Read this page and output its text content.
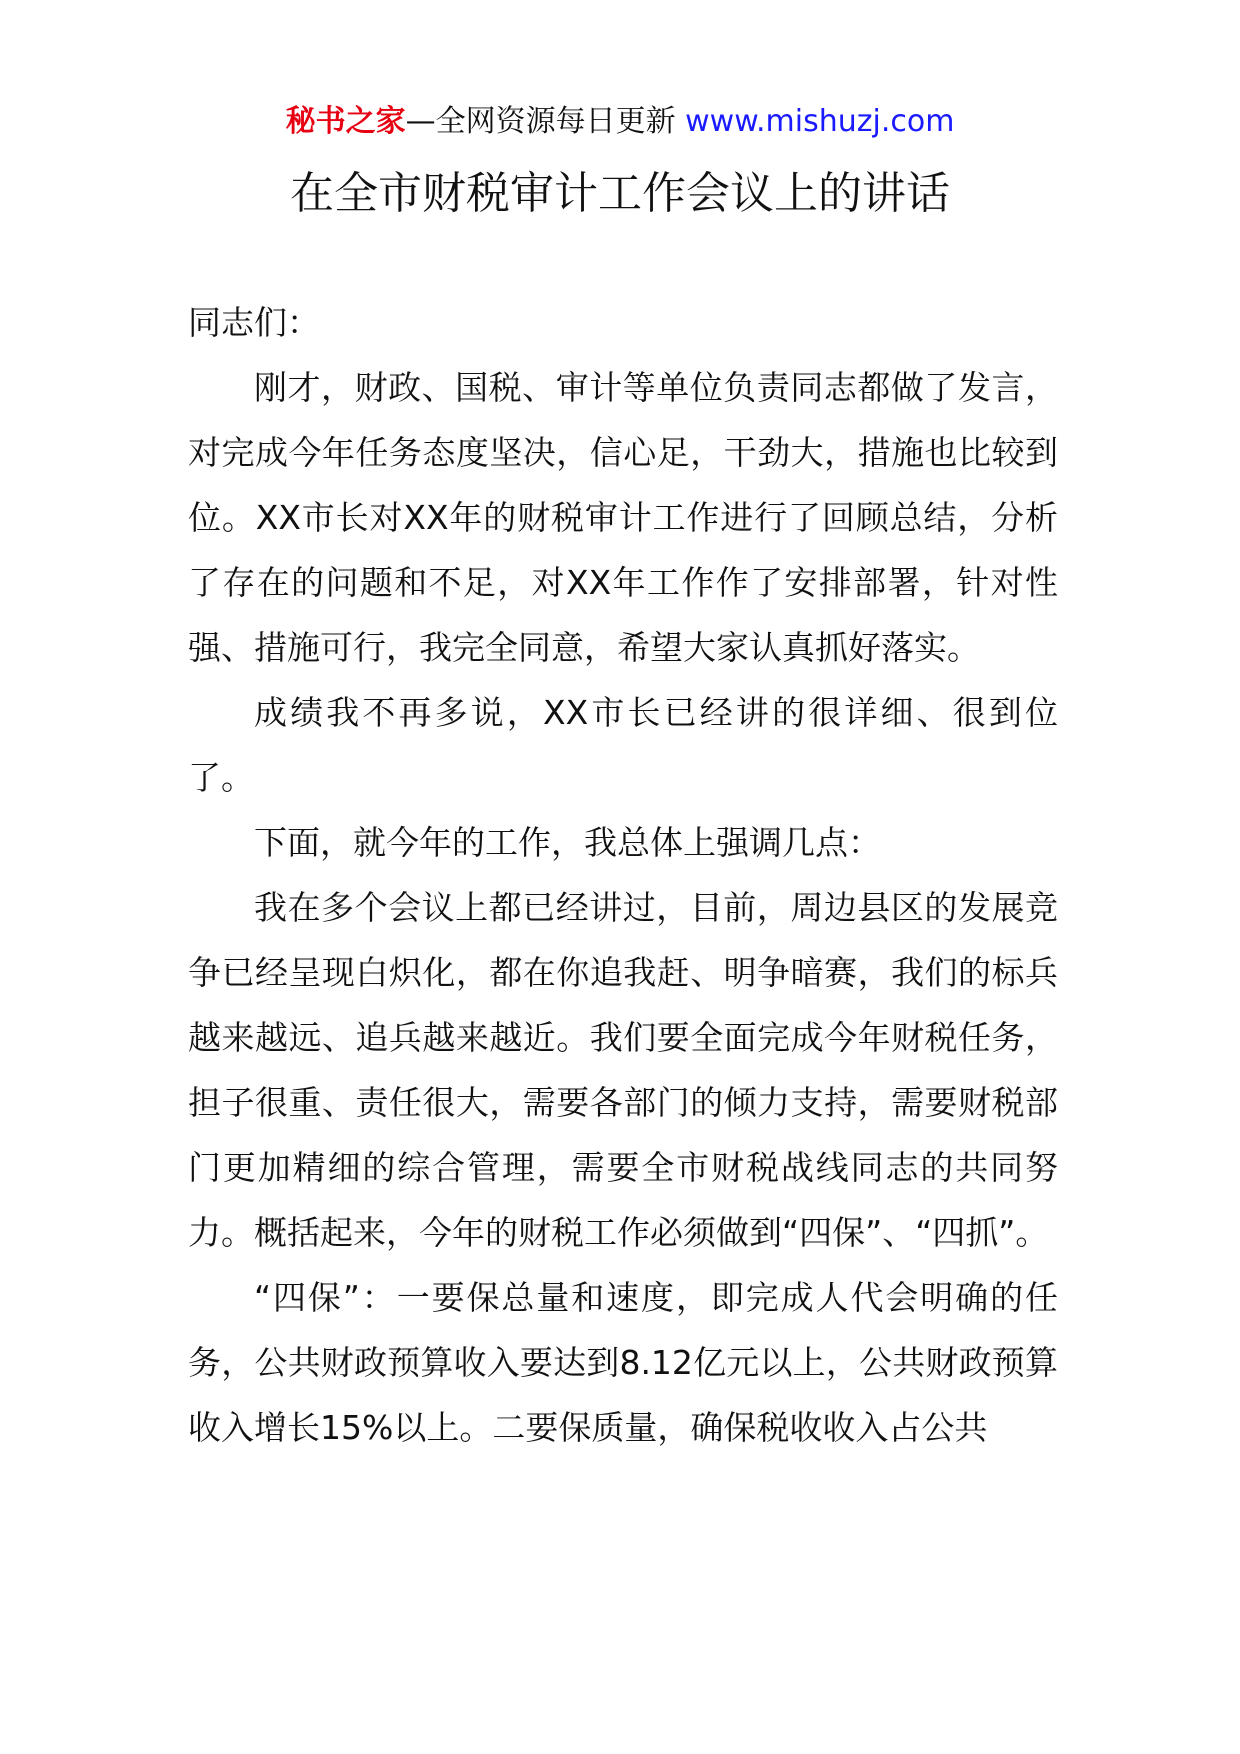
秘书之家—全网资源每日更新 www.mishuzj.com
在全市财税审计工作会议上的讲话

同志们：

刚才，财政、国税、审计等单位负责同志都做了发言，对完成今年任务态度坚决，信心足，干劲大，措施也比较到位。XX市长对XX年的财税审计工作进行了回顾总结，分析了存在的问题和不足，对XX年工作作了安排部署，针对性强、措施可行，我完全同意，希望大家认真抓好落实。

成绩我不再多说，XX市长已经讲的很详细、很到位了。

下面，就今年的工作，我总体上强调几点：

我在多个会议上都已经讲过，目前，周边县区的发展竞争已经呈现白炽化，都在你追我赶、明争暗赛，我们的标兵越来越远、追兵越来越近。我们要全面完成今年财税任务，担子很重、责任很大，需要各部门的倾力支持，需要财税部门更加精细的综合管理，需要全市财税战线同志的共同努力。概括起来，今年的财税工作必须做到“四保”、“四抓”。

“四保”：一要保总量和速度，即完成人代会明确的任务，公共财政预算收入要达到8.12亿元以上，公共财政预算收入增长15%以上。二要保质量，确保税收收入占公共
